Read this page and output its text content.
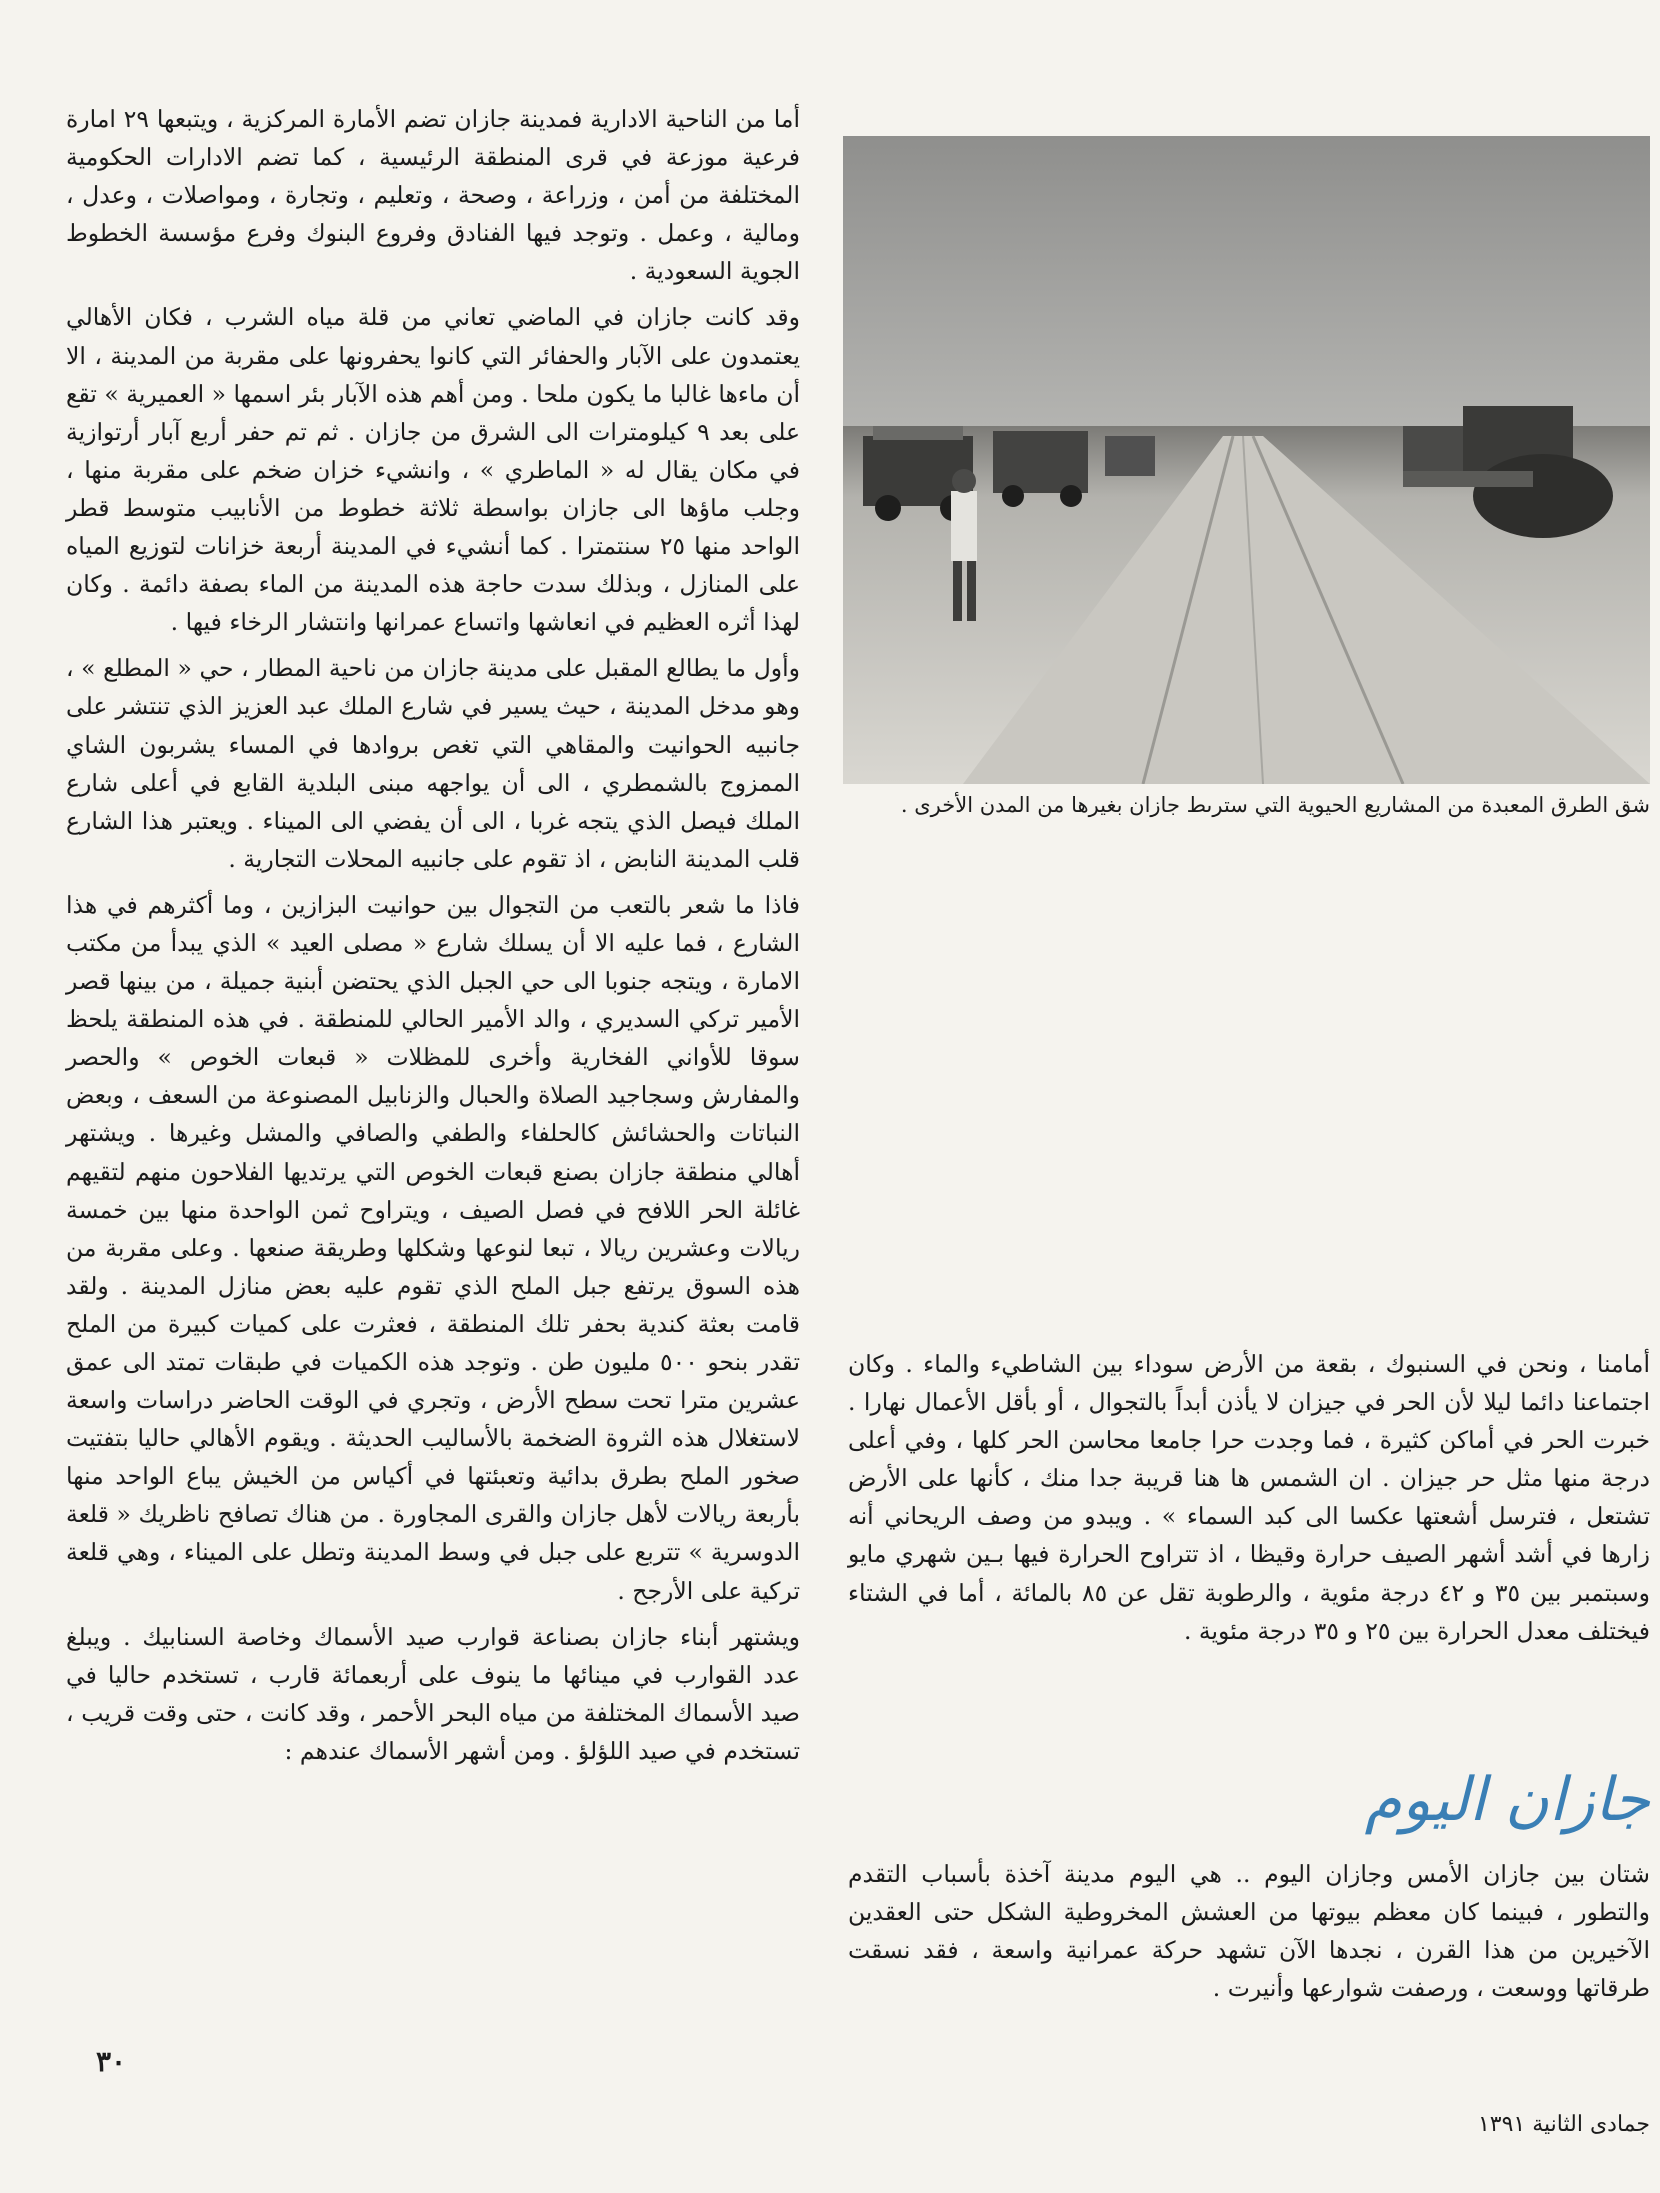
أما من الناحية الادارية فمدينة جازان تضم الأمارة المركزية ، ويتبعها ٢٩ امارة فرعية موزعة في قرى المنطقة الرئيسية ، كما تضم الادارات الحكومية المختلفة من أمن ، وزراعة ، وصحة ، وتعليم ، وتجارة ، ومواصلات ، وعدل ، ومالية ، وعمل . وتوجد فيها الفنادق وفروع البنوك وفرع مؤسسة الخطوط الجوية السعودية .

وقد كانت جازان في الماضي تعاني من قلة مياه الشرب ، فكان الأهالي يعتمدون على الآبار والحفائر التي كانوا يحفرونها على مقربة من المدينة ، الا أن ماءها غالبا ما يكون ملحا . ومن أهم هذه الآبار بئر اسمها « العميرية » تقع على بعد ٩ كيلومترات الى الشرق من جازان . ثم تم حفر أربع آبار أرتوازية في مكان يقال له « الماطري » ، وانشيء خزان ضخم على مقربة منها ، وجلب ماؤها الى جازان بواسطة ثلاثة خطوط من الأنابيب متوسط قطر الواحد منها ٢٥ سنتمترا . كما أنشيء في المدينة أربعة خزانات لتوزيع المياه على المنازل ، وبذلك سدت حاجة هذه المدينة من الماء بصفة دائمة . وكان لهذا أثره العظيم في انعاشها واتساع عمرانها وانتشار الرخاء فيها .

وأول ما يطالع المقبل على مدينة جازان من ناحية المطار ، حي « المطلع » ، وهو مدخل المدينة ، حيث يسير في شارع الملك عبد العزيز الذي تنتشر على جانبيه الحوانيت والمقاهي التي تغص بروادها في المساء يشربون الشاي الممزوج بالشمطري ، الى أن يواجهه مبنى البلدية القابع في أعلى شارع الملك فيصل الذي يتجه غربا ، الى أن يفضي الى الميناء . ويعتبر هذا الشارع قلب المدينة النابض ، اذ تقوم على جانبيه المحلات التجارية .

فاذا ما شعر بالتعب من التجوال بين حوانيت البزازين ، وما أكثرهم في هذا الشارع ، فما عليه الا أن يسلك شارع « مصلى العيد » الذي يبدأ من مكتب الامارة ، ويتجه جنوبا الى حي الجبل الذي يحتضن أبنية جميلة ، من بينها قصر الأمير تركي السديري ، والد الأمير الحالي للمنطقة . في هذه المنطقة يلحظ سوقا للأواني الفخارية وأخرى للمظلات « قبعات الخوص » والحصر والمفارش وسجاجيد الصلاة والحبال والزنابيل المصنوعة من السعف ، وبعض النباتات والحشائش كالحلفاء والطفي والصافي والمشل وغيرها . ويشتهر أهالي منطقة جازان بصنع قبعات الخوص التي يرتديها الفلاحون منهم لتقيهم غائلة الحر اللافح في فصل الصيف ، ويتراوح ثمن الواحدة منها بين خمسة ريالات وعشرين ريالا ، تبعا لنوعها وشكلها وطريقة صنعها . وعلى مقربة من هذه السوق يرتفع جبل الملح الذي تقوم عليه بعض منازل المدينة . ولقد قامت بعثة كندية بحفر تلك المنطقة ، فعثرت على كميات كبيرة من الملح تقدر بنحو ٥٠٠ مليون طن . وتوجد هذه الكميات في طبقات تمتد الى عمق عشرين مترا تحت سطح الأرض ، وتجري في الوقت الحاضر دراسات واسعة لاستغلال هذه الثروة الضخمة بالأساليب الحديثة . ويقوم الأهالي حاليا بتفتيت صخور الملح بطرق بدائية وتعبئتها في أكياس من الخيش يباع الواحد منها بأربعة ريالات لأهل جازان والقرى المجاورة . من هناك تصافح ناظريك « قلعة الدوسرية » تتربع على جبل في وسط المدينة وتطل على الميناء ، وهي قلعة تركية على الأرجح .

ويشتهر أبناء جازان بصناعة قوارب صيد الأسماك وخاصة السنابيك . ويبلغ عدد القوارب في مينائها ما ينوف على أربعمائة قارب ، تستخدم حاليا في صيد الأسماك المختلفة من مياه البحر الأحمر ، وقد كانت ، حتى وقت قريب ، تستخدم في صيد اللؤلؤ . ومن أشهر الأسماك عندهم :

شق الطرق المعبدة من المشاريع الحيوية التي سترىط جازان بغيرها من المدن الأخرى .

أمامنا ، ونحن في السنبوك ، بقعة من الأرض سوداء بين الشاطيء والماء . وكان اجتماعنا دائما ليلا لأن الحر في جيزان لا يأذن أبداً بالتجوال ، أو بأقل الأعمال نهارا . خبرت الحر في أماكن كثيرة ، فما وجدت حرا جامعا محاسن الحر كلها ، وفي أعلى درجة منها مثل حر جيزان . ان الشمس ها هنا قريبة جدا منك ، كأنها على الأرض تشتعل ، فترسل أشعتها عكسا الى كبد السماء » . ويبدو من وصف الريحاني أنه زارها في أشد أشهر الصيف حرارة وقيظا ، اذ تتراوح الحرارة فيها بـين شهري مايو وسبتمبر بين ٣٥ و ٤٢ درجة مئوية ، والرطوبة تقل عن ٨٥ بالمائة ، أما في الشتاء فيختلف معدل الحرارة بين ٢٥ و ٣٥ درجة مئوية .

جازان اليوم

شتان بين جازان الأمس وجازان اليوم .. هي اليوم مدينة آخذة بأسباب التقدم والتطور ، فبينما كان معظم بيوتها من العشش المخروطية الشكل حتى العقدين الآخيرين من هذا القرن ، نجدها الآن تشهد حركة عمرانية واسعة ، فقد نسقت طرقاتها ووسعت ، ورصفت شوارعها وأنيرت .

٣٠
جمادى الثانية ١٣٩١
